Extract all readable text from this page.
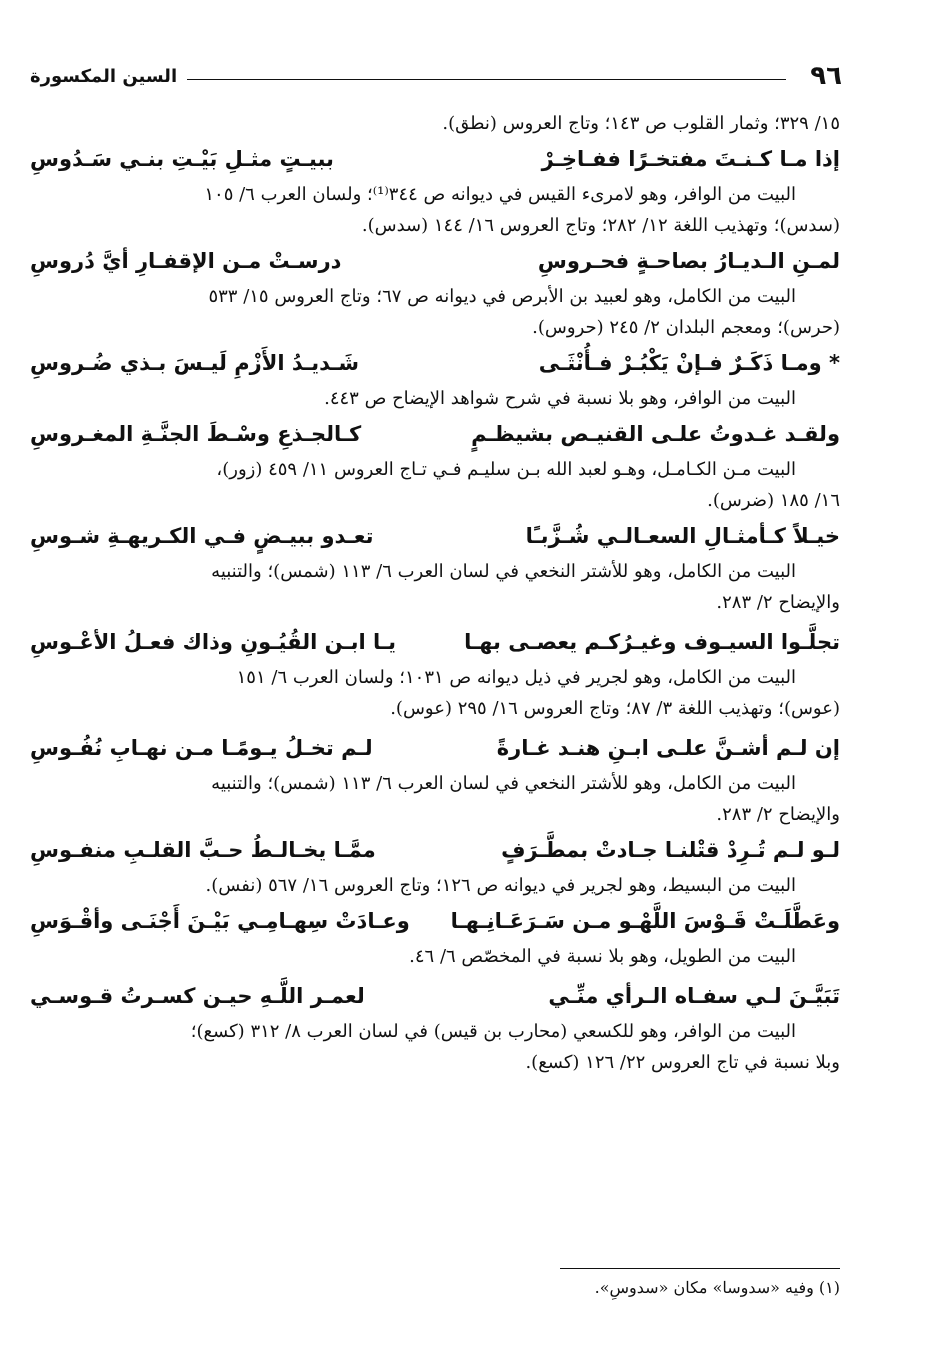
٩٦
السين المكسورة
١٥/ ٣٢٩؛ وثمار القلوب ص ١٤٣؛ وتاج العروس (نطق).
إذا مـا كـنـتَ مفتخـرًا ففـاخِـرْ
ببيـتٍ مثـلِ بَيْـتِ بنـي سَـدُوسِ
البيت من الوافر، وهو لامرىء القيس في ديوانه ص ٣٤٤⁽¹⁾؛ ولسان العرب ٦/ ١٠٥
(سدس)؛ وتهذيب اللغة ١٢/ ٢٨٢؛ وتاج العروس ١٦/ ١٤٤ (سدس).
لمـنِ الـديـارُ بصاحـةٍ فحـروسِ
درسـتْ مـن الإقفـارِ أيَّ دُروسِ
البيت من الكامل، وهو لعبيد بن الأبرص في ديوانه ص ٦٧؛ وتاج العروس ١٥/ ٥٣٣
(حرس)؛ ومعجم البلدان ٢/ ٢٤٥ (حروس).
* ومـا ذَكَـرٌ فـإنْ يَكْبُـرْ فـأُنْثَـى
شَـديـدُ الأَزْمِ لَيـسَ بـذي ضُـروسِ
البيت من الوافر، وهو بلا نسبة في شرح شواهد الإيضاح ص ٤٤٣.
ولقـد غـدوتُ علـى القنيـص بشيظـمٍ
كـالجـذعِ وسْـطَ الجنَّـةِ المغـروسِ
البيت مـن الكـامـل، وهـو لعبد الله بـن سليـم فـي تـاج العروس ١١/ ٤٥٩ (زور)،
١٦/ ١٨٥ (ضرس).
خيـلاً كـأمثـالِ السعـالـي شُـزَّبـًا
تعـدو ببيـضٍ فـي الكـريهـةِ شـوسِ
البيت من الكامل، وهو للأشتر النخعي في لسان العرب ٦/ ١١٣ (شمس)؛ والتنبيه
والإيضاح ٢/ ٢٨٣.
تجلَّـوا السيـوف وغيـرُكـم يعصـى بهـا
يـا ابـن القُيُـونِ وذاك فعـلُ الأعْـوسِ
البيت من الكامل، وهو لجرير في ذيل ديوانه ص ١٠٣١؛ ولسان العرب ٦/ ١٥١
(عوس)؛ وتهذيب اللغة ٣/ ٨٧؛ وتاج العروس ١٦/ ٢٩٥ (عوس).
إن لـم أشـنَّ علـى ابـنِ هنـد غـارةً
لـم تخـلُ يـومًـا مـن نهـابِ نُفُـوسِ
البيت من الكامل، وهو للأشتر النخعي في لسان العرب ٦/ ١١٣ (شمس)؛ والتنبيه
والإيضاح ٢/ ٢٨٣.
لـو لـم تُـرِدْ قتْلنـا جـادتْ بمطَّـرَفٍ
ممَّـا يخـالـطُ حـبَّ القلـبِ منفـوسِ
البيت من البسيط، وهو لجرير في ديوانه ص ١٢٦؛ وتاج العروس ١٦/ ٥٦٧ (نفس).
وعَطَّلَـتْ قَـوْسَ اللَّهْـو مـن سَـرَعَـانِـهـا
وعـادَتْ سِهـامِـي بَيْـنَ أَجْنَـى وأقْـوَسِ
البيت من الطويل، وهو بلا نسبة في المخصّص ٦/ ٤٦.
تَبَيَّـنَ لـي سفـاه الـرأي منِّـي
لعمـر اللَّـهِ حيـن كسـرتُ قـوسـي
البيت من الوافر، وهو للكسعي (محارب بن قيس) في لسان العرب ٨/ ٣١٢ (كسع)؛
وبلا نسبة في تاج العروس ٢٢/ ١٢٦ (كسع).
(١) وفيه «سدوسا» مكان «سدوسِ».
